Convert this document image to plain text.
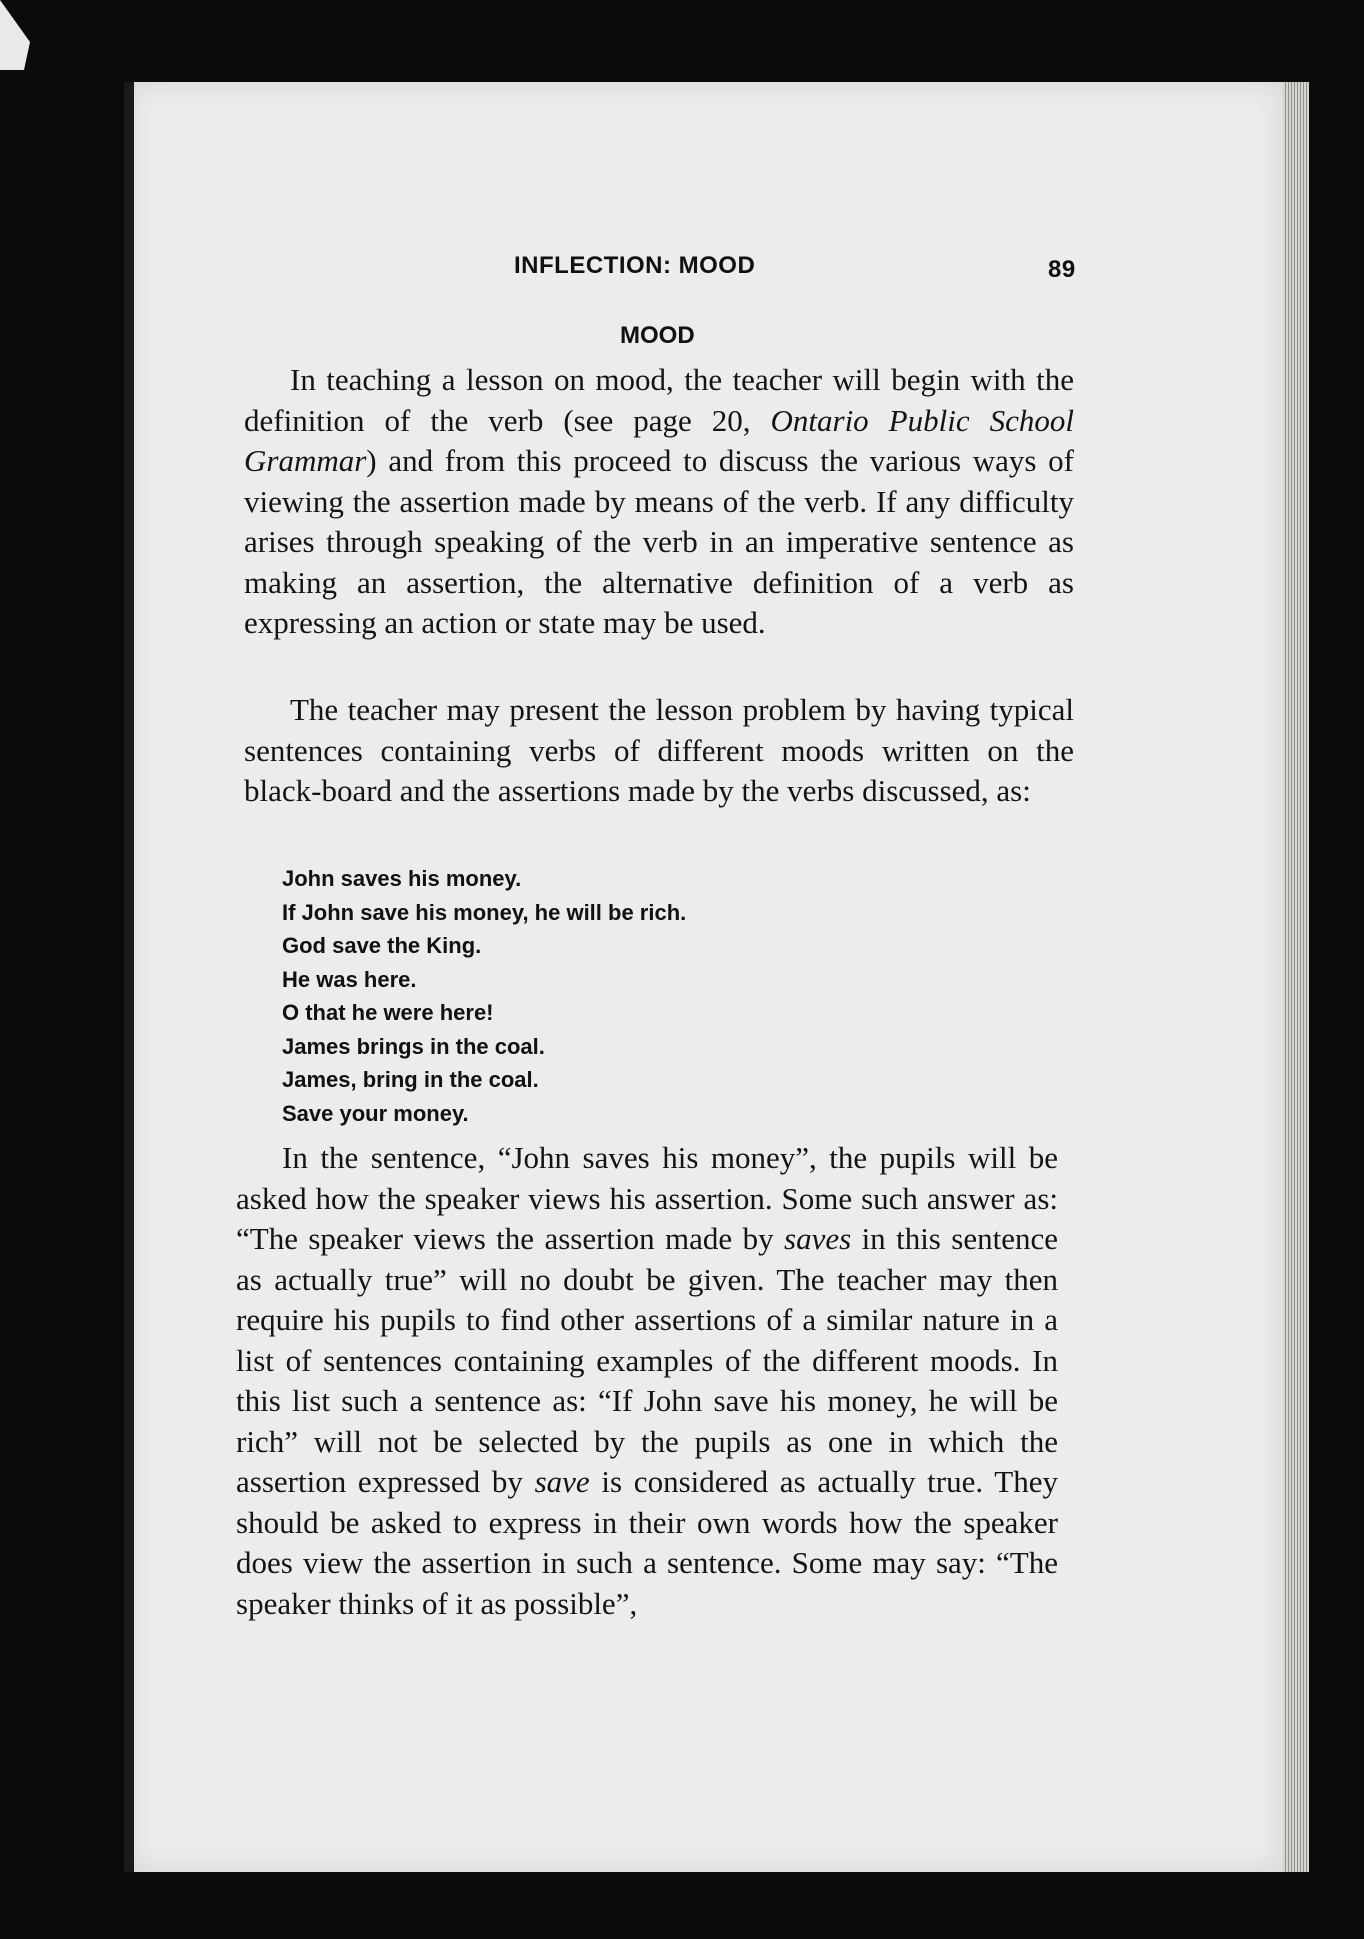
INFLECTION: MOOD	89
MOOD

In teaching a lesson on mood, the teacher will begin with the definition of the verb (see page 20, Ontario Public School Grammar) and from this proceed to discuss the various ways of viewing the assertion made by means of the verb. If any difficulty arises through speaking of the verb in an imperative sentence as making an assertion, the alternative definition of a verb as expressing an action or state may be used.

The teacher may present the lesson problem by having typical sentences containing verbs of different moods written on the black-board and the assertions made by the verbs discussed, as:

John saves his money.
If John save his money, he will be rich.
God save the King.
He was here.
O that he were here!
James brings in the coal.
James, bring in the coal.
Save your money.

In the sentence, “John saves his money”, the pupils will be asked how the speaker views his assertion. Some such answer as: “The speaker views the assertion made by saves in this sentence as actually true” will no doubt be given. The teacher may then require his pupils to find other assertions of a similar nature in a list of sentences containing examples of the different moods. In this list such a sentence as: “If John save his money, he will be rich” will not be selected by the pupils as one in which the assertion expressed by save is considered as actually true. They should be asked to express in their own words how the speaker does view the assertion in such a sentence. Some may say: “The speaker thinks of it as possible”,
